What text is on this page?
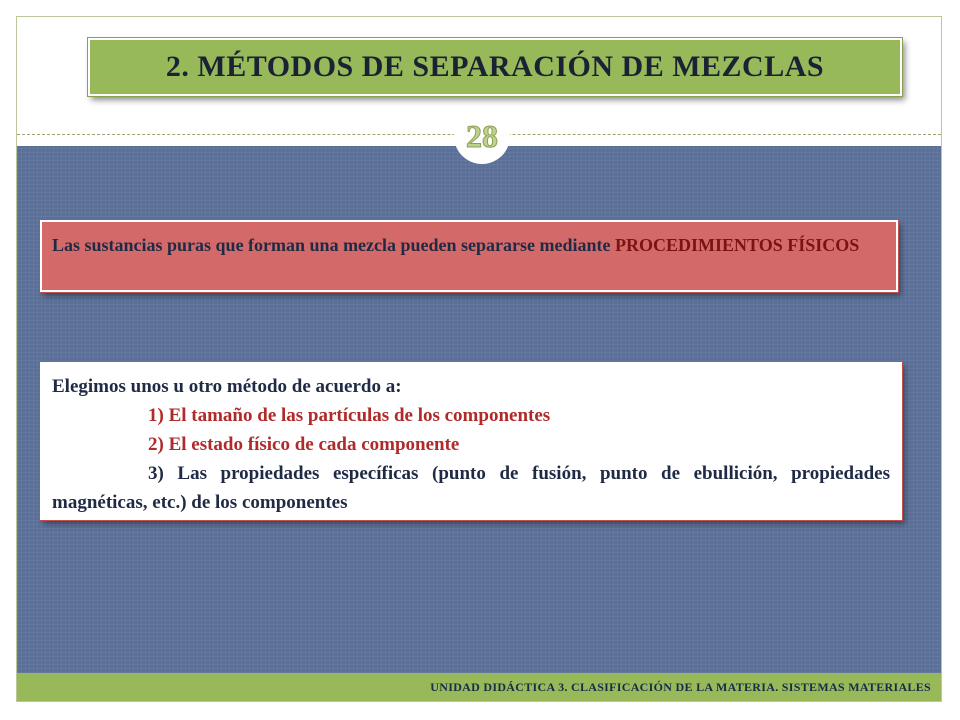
2. MÉTODOS DE SEPARACIÓN DE MEZCLAS
28
Las sustancias puras que forman una mezcla pueden separarse mediante PROCEDIMIENTOS FÍSICOS

Elegimos unos u otro método de acuerdo a:

1) El tamaño de las partículas de los componentes

2) El estado físico de cada componente

3) Las propiedades específicas (punto de fusión, punto de ebullición, propiedades magnéticas, etc.) de los componentes

UNIDAD DIDÁCTICA 3. CLASIFICACIÓN DE LA MATERIA. SISTEMAS MATERIALES
